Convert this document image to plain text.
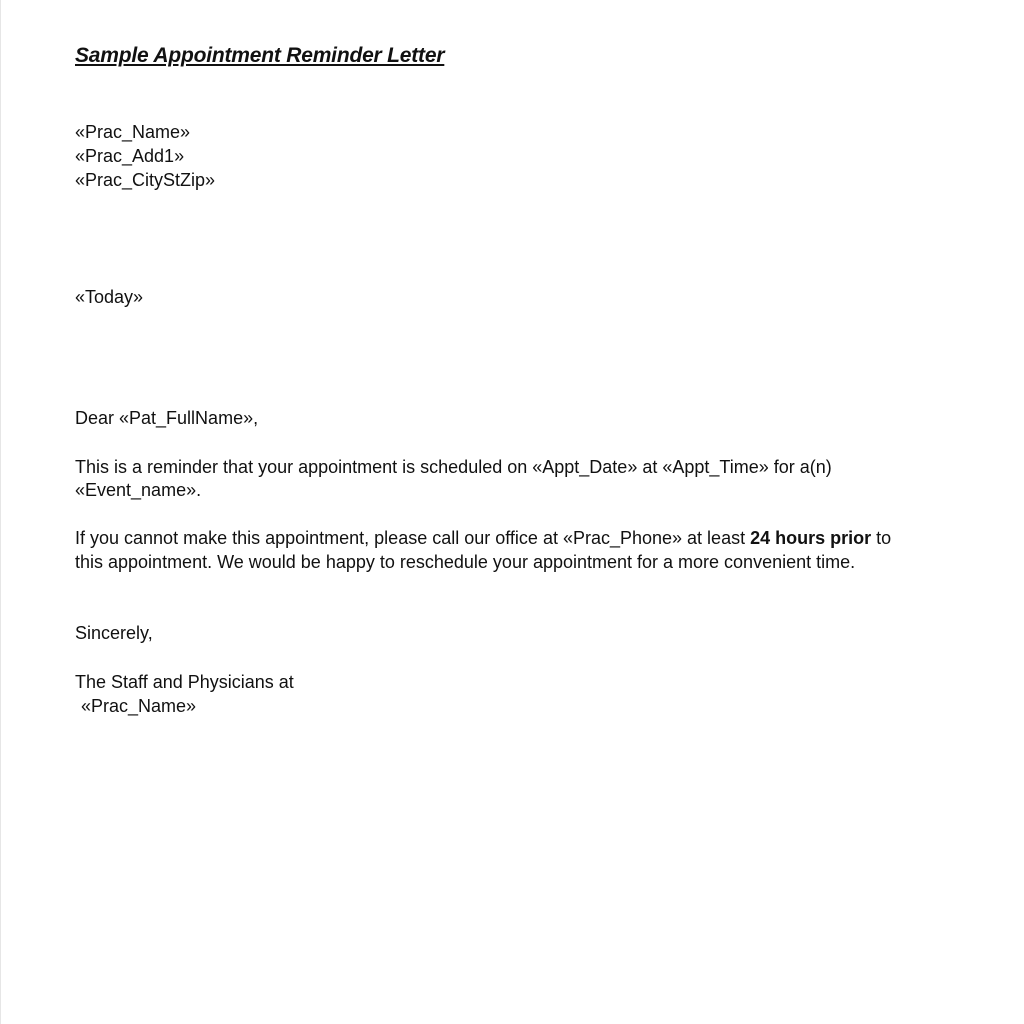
Sample Appointment Reminder Letter
«Prac_Name»
«Prac_Add1»
«Prac_CityStZip»
«Today»
Dear «Pat_FullName»,
This is a reminder that your appointment is scheduled on «Appt_Date» at «Appt_Time» for a(n)
«Event_name».
If you cannot make this appointment, please call our office at «Prac_Phone» at least 24 hours prior to
this appointment. We would be happy to reschedule your appointment for a more convenient time.
Sincerely,
The Staff and Physicians at
«Prac_Name»
